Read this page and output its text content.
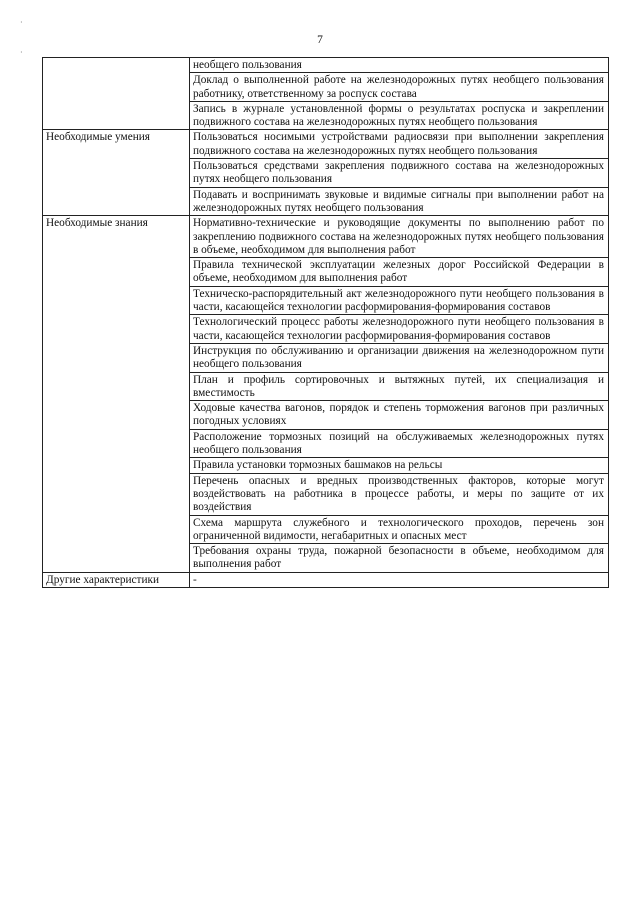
·
·
7
	необщего пользования
	Доклад о выполненной работе на железнодорожных путях необщего пользования работнику, ответственному за роспуск состава
	Запись в журнале установленной формы о результатах роспуска и закреплении подвижного состава на железнодорожных путях необщего пользования
Необходимые умения	Пользоваться носимыми устройствами радиосвязи при выполнении закрепления подвижного состава на железнодорожных путях необщего пользования
	Пользоваться средствами закрепления подвижного состава на железнодорожных путях необщего пользования
	Подавать и воспринимать звуковые и видимые сигналы при выполнении работ на железнодорожных путях необщего пользования
Необходимые знания	Нормативно-технические и руководящие документы по выполнению работ по закреплению подвижного состава на железнодорожных путях необщего пользования в объеме, необходимом для выполнения работ
	Правила технической эксплуатации железных дорог Российской Федерации в объеме, необходимом для выполнения работ
	Техническо-распорядительный акт железнодорожного пути необщего пользования в части, касающейся технологии расформирования-формирования составов
	Технологический процесс работы железнодорожного пути необщего пользования в части, касающейся технологии расформирования-формирования составов
	Инструкция по обслуживанию и организации движения на железнодорожном пути необщего пользования
	План и профиль сортировочных и вытяжных путей, их специализация и вместимость
	Ходовые качества вагонов, порядок и степень торможения вагонов при различных погодных условиях
	Расположение тормозных позиций на обслуживаемых железнодорожных путях необщего пользования
	Правила установки тормозных башмаков на рельсы
	Перечень опасных и вредных производственных факторов, которые могут воздействовать на работника в процессе работы, и меры по защите от их воздействия
	Схема маршрута служебного и технологического проходов, перечень зон ограниченной видимости, негабаритных и опасных мест
	Требования охраны труда, пожарной безопасности в объеме, необходимом для выполнения работ
Другие характеристики	-
